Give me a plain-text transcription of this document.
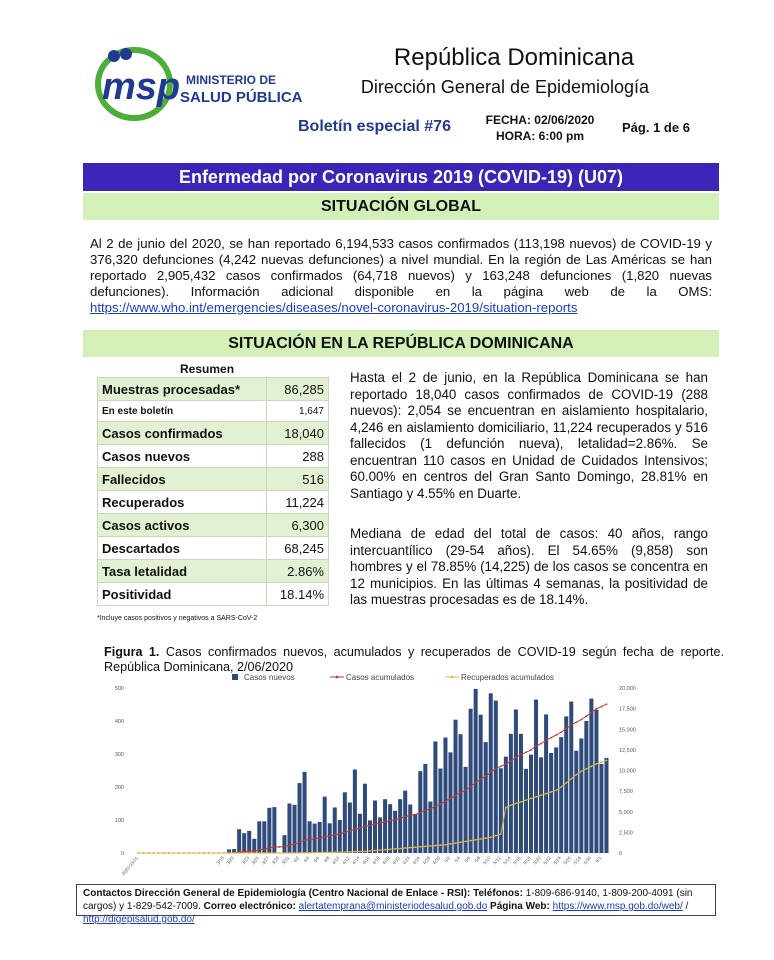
msp MINISTERIO DE
SALUD PÚBLICA
República Dominicana
Dirección General de Epidemiología
Boletín especial #76	FECHA: 02/06/2020
HORA: 6:00 pm
Pág. 1 de 6
Enfermedad por Coronavirus 2019 (COVID-19) (U07)
SITUACIÓN GLOBAL
Al 2 de junio del 2020, se han reportado 6,194,533 casos confirmados (113,198 nuevos) de COVID-19 y 376,320 defunciones (4,242 nuevas defunciones) a nivel mundial. En la región de Las Américas se han reportado 2,905,432 casos confirmados (64,718 nuevos) y 163,248 defunciones (1,820 nuevas defunciones). Información adicional disponible en la página web de la OMS: https://www.who.int/emergencies/diseases/novel-coronavirus-2019/situation-reports
SITUACIÓN EN LA REPÚBLICA DOMINICANA
Resumen
Muestras procesadas*	86,285
En este boletín	1,647
Casos confirmados	18,040
Casos nuevos	288
Fallecidos	516
Recuperados	11,224
Casos activos	6,300
Descartados	68,245
Tasa letalidad	2.86%
Positividad	18.14%
*Incluye casos positivos y negativos a SARS-CoV-2
Hasta el 2 de junio, en la República Dominicana se han reportado 18,040 casos confirmados de COVID-19 (288 nuevos): 2,054 se encuentran en aislamiento hospitalario, 4,246 en aislamiento domiciliario, 11,224 recuperados y 516 fallecidos (1 defunción nueva), letalidad=2.86%. Se encuentran 110 casos en Unidad de Cuidados Intensivos; 60.00% en centros del Gran Santo Domingo, 28.81% en Santiago y 4.55% en Duarte.
Mediana de edad del total de casos: 40 años, rango intercuantílico (29-54 años). El 54.65% (9,858) son hombres y el 78.85% (14,225) de los casos se concentra en 12 municipios. En las últimas 4 semanas, la positividad de las muestras procesadas es de 18.14%.
Figura 1. Casos confirmados nuevos, acumulados y recuperados de COVID-19 según fecha de reporte. República Dominicana, 2/06/2020
0
100
200
300
400
500
0
2,500
5,000
7,500
10,000
12,500
15,000
17,500
20,000
2020-03-01	3/18 3/20 3/23 3/25 3/27 3/29 3/31 4/2 4/4 4/6 4/8 4/10 4/12 4/14 4/16 4/18 4/20 4/22 4/24 4/26 4/28 4/30 5/2 5/4 5/6 5/8 5/10 5/12 5/14 5/16 5/18 5/20 5/22 5/24 5/26 5/28 5/30 6/1
Casos nuevos	Casos acumulados	Recuperados acumulados
Contactos Dirección General de Epidemiología (Centro Nacional de Enlace - RSI): Teléfonos: 1-809-686-9140, 1-809-200-4091 (sin cargos) y 1-829-542-7009. Correo electrónico: alertatemprana@ministeriodesalud.gob.do Página Web: https://www.msp.gob.do/web/ / http://digepisalud.gob.do/
